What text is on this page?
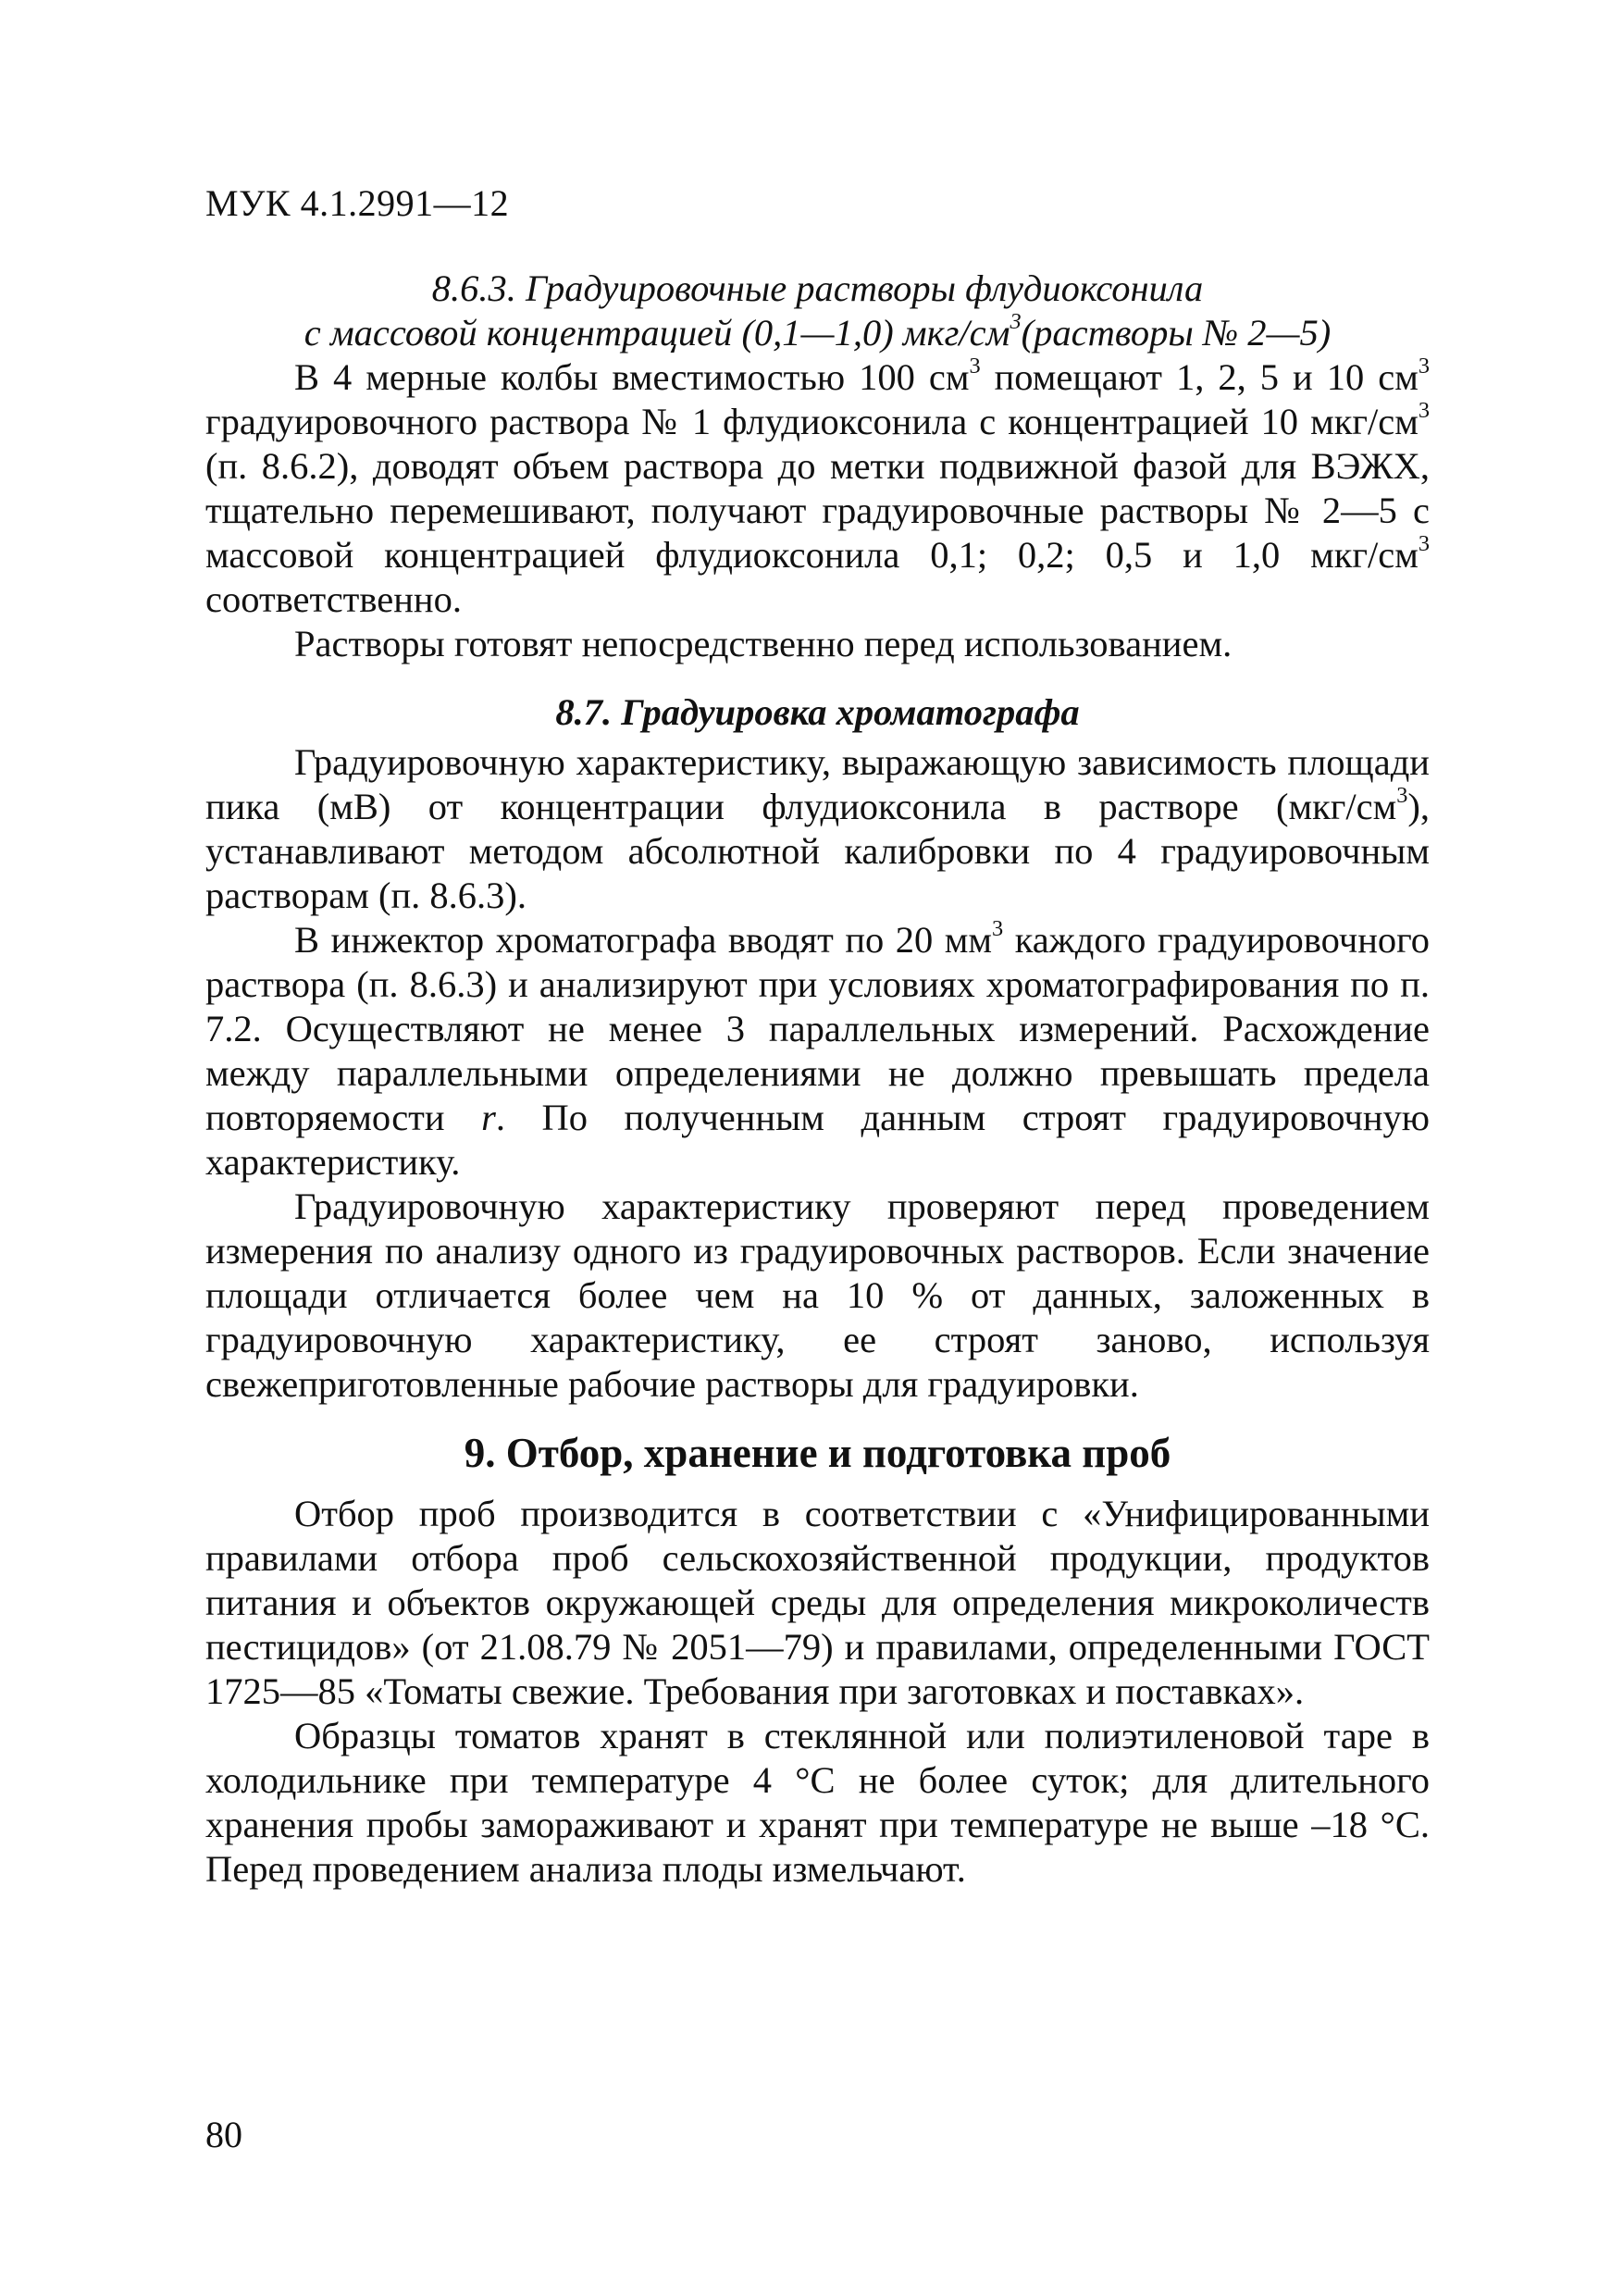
МУК 4.1.2991—12
8.6.3. Градуировочные растворы флудиоксонила
с массовой концентрацией (0,1—1,0) мкг/$см^3(растворы$ № 2—5)

В 4 мерные колбы вместимостью 100 $см^3$ помещают 1, 2, 5 и 10 $см^3$ градуировочного раствора № 1 флудиоксонила с концентрацией 10 мкг/$см^3$ (п. 8.6.2), доводят объем раствора до метки подвижной фазой для ВЭЖХ, тщательно перемешивают, получают градуировочные растворы № 2—5 с массовой концентрацией флудиоксонила 0,1; 0,2; 0,5 и 1,0 мкг/$см^3$ соответственно.

Растворы готовят непосредственно перед использованием.

8.7. Градуировка хроматографа

Градуировочную характеристику, выражающую зависимость площади пика (мВ) от концентрации флудиоксонила в растворе $(мкг/см^3)$, устанавливают методом абсолютной калибровки по 4 градуировочным растворам (п. 8.6.3).

В инжектор хроматографа вводят по 20 $мм^3$ каждого градуировочного раствора (п. 8.6.3) и анализируют при условиях хроматографирования по п. 7.2. Осуществляют не менее 3 параллельных измерений. Расхождение между параллельными определениями не должно превышать предела повторяемости r. По полученным данным строят градуировочную характеристику.

Градуировочную характеристику проверяют перед проведением измерения по анализу одного из градуировочных растворов. Если значение площади отличается более чем на 10 % от данных, заложенных в градуировочную характеристику, ее строят заново, используя свежеприготовленные рабочие растворы для градуировки.

9. Отбор, хранение и подготовка проб

Отбор проб производится в соответствии с «Унифицированными правилами отбора проб сельскохозяйственной продукции, продуктов питания и объектов окружающей среды для определения микроколичеств пестицидов» (от 21.08.79 № 2051—79) и правилами, определенными ГОСТ 1725—85 «Томаты свежие. Требования при заготовках и поставках».

Образцы томатов хранят в стеклянной или полиэтиленовой таре в холодильнике при температуре 4 °С не более суток; для длительного хранения пробы замораживают и хранят при температуре не выше –18 °С. Перед проведением анализа плоды измельчают.

80
